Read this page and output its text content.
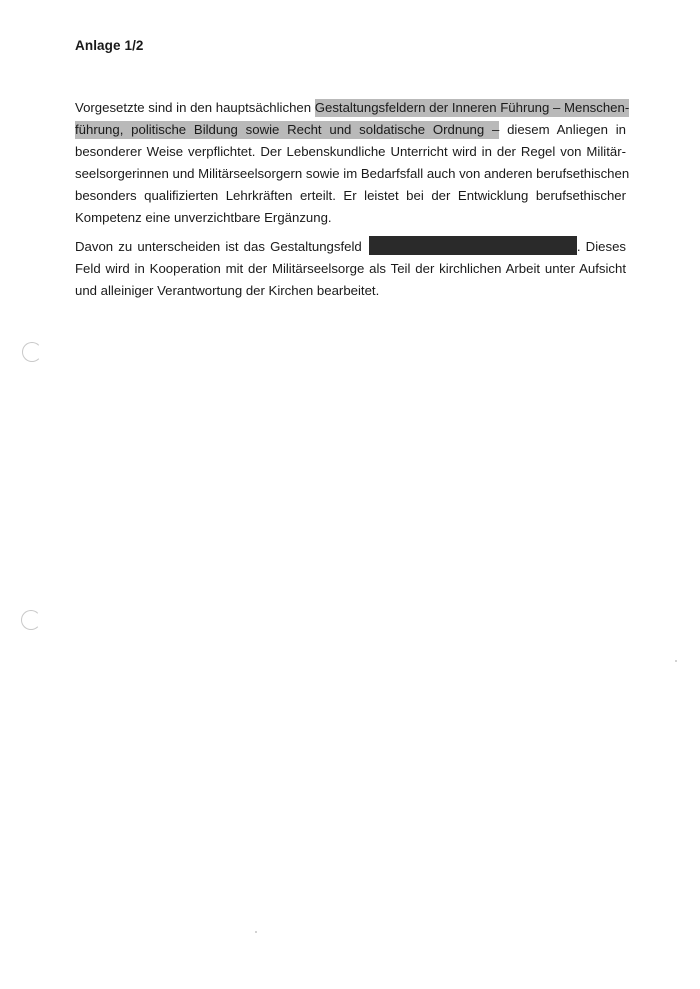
Anlage 1/2
Vorgesetzte sind in den hauptsächlichen Gestaltungsfeldern der Inneren Führung – Menschen-
führung, politische Bildung sowie Recht und soldatische Ordnung – diesem Anliegen in
besonderer Weise verpflichtet. Der Lebenskundliche Unterricht wird in der Regel von Militär-
seelsorgerinnen und Militärseelsorgern sowie im Bedarfsfall auch von anderen berufsethischen
besonders qualifizierten Lehrkräften erteilt. Er leistet bei der Entwicklung berufsethischer
Kompetenz eine unverzichtbare Ergänzung.
Davon zu unterscheiden ist das Gestaltungsfeld	. Dieses
Feld wird in Kooperation mit der Militärseelsorge als Teil der kirchlichen Arbeit unter Aufsicht
und alleiniger Verantwortung der Kirchen bearbeitet.
